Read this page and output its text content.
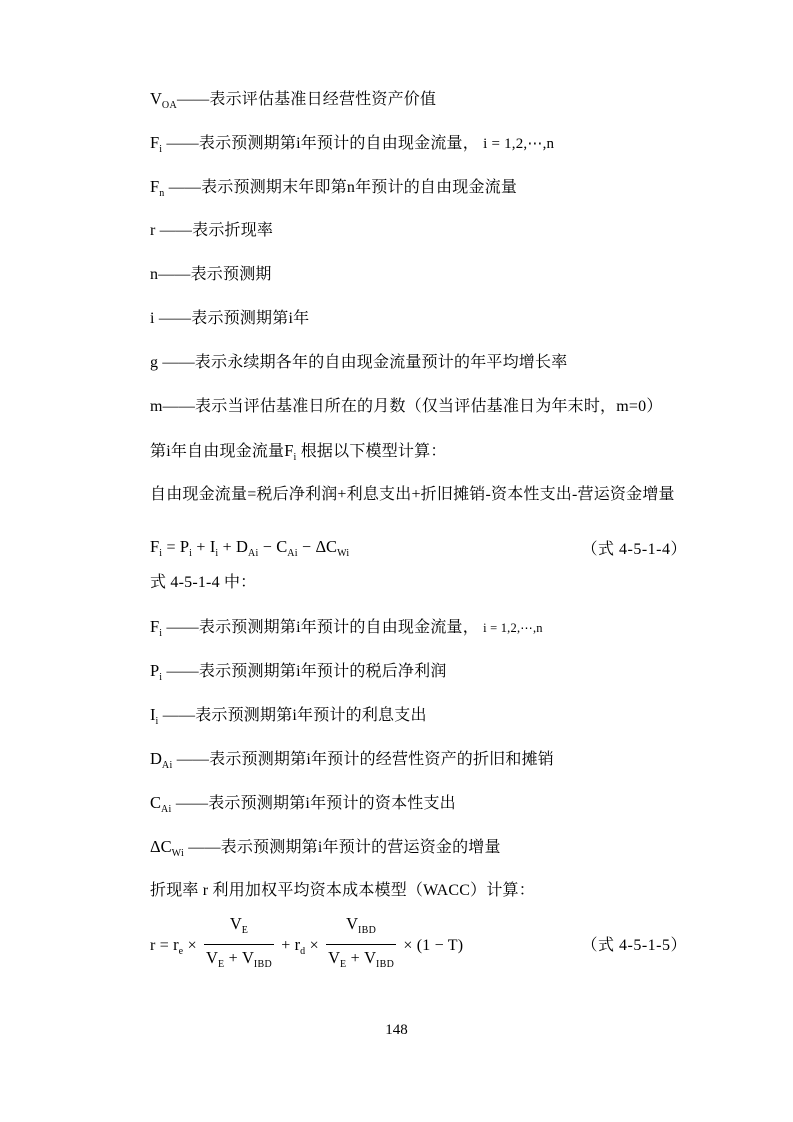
$V_{OA}——$表示评估基准日经营性资产价值
$F_i$ ——表示预测期第i年预计的自由现金流量， i = 1,2,⋯,n
$F_n$ ——表示预测期末年即第n年预计的自由现金流量
r ——表示折现率
n——表示预测期
i ——表示预测期第i年
g ——表示永续期各年的自由现金流量预计的年平均增长率
m——表示当评估基准日所在的月数（仅当评估基准日为年末时，m=0）
第i年自由现金流量$F_i$ 根据以下模型计算：
自由现金流量=税后净利润+利息支出+折旧摊销-资本性支出-营运资金增量
$F_i = P_i + I_i + D_{Ai} - C_{Ai} - \Delta C_{Wi}$	（式 4-5-1-4）
式 4-5-1-4 中：
$F_i$ ——表示预测期第i年预计的自由现金流量， i = 1,2,⋯,n
$P_i$ ——表示预测期第i年预计的税后净利润
$I_i$ ——表示预测期第i年预计的利息支出
$D_{Ai}$ ——表示预测期第i年预计的经营性资产的折旧和摊销
$C_{Ai}$ ——表示预测期第i年预计的资本性支出
$\Delta C_{Wi}$ ——表示预测期第i年预计的营运资金的增量
折现率 r 利用加权平均资本成本模型（WACC）计算：
$r = r_e \times \frac{V_E}{V_E + V_{IBD}} + r_d \times \frac{V_{IBD}}{V_E + V_{IBD}} \times (1 - T)$	（式 4-5-1-5）
148
